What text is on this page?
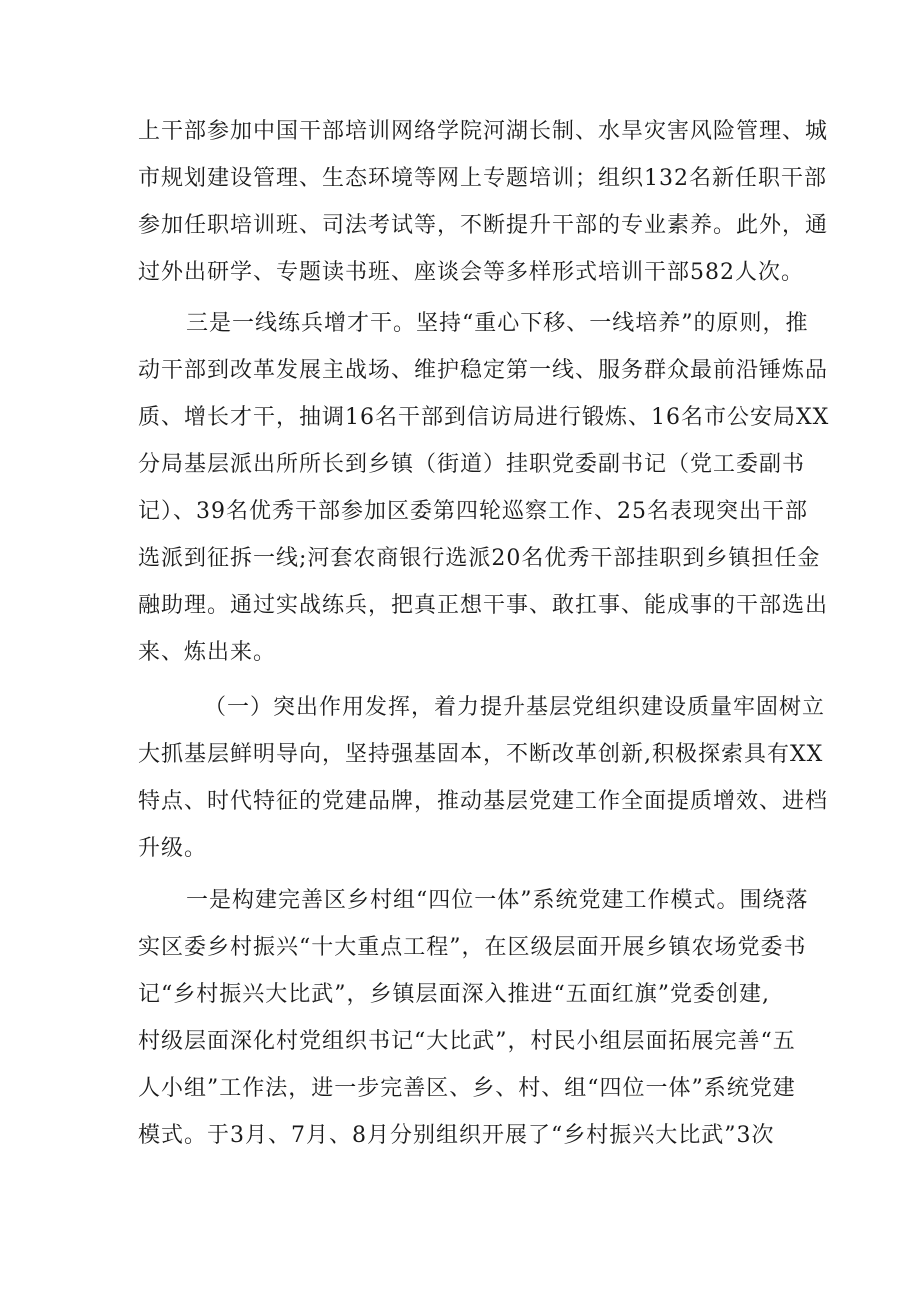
上干部参加中国干部培训网络学院河湖长制、水旱灾害风险管理、城
市规划建设管理、生态环境等网上专题培训；组织132名新任职干部
参加任职培训班、司法考试等，不断提升干部的专业素养。此外，通
过外出研学、专题读书班、座谈会等多样形式培训干部582人次。
三是一线练兵增才干。坚持“重心下移、一线培养”的原则，推
动干部到改革发展主战场、维护稳定第一线、服务群众最前沿锤炼品
质、增长才干，抽调16名干部到信访局进行锻炼、16名市公安局XX
分局基层派出所所长到乡镇（街道）挂职党委副书记（党工委副书
记）、39名优秀干部参加区委第四轮巡察工作、25名表现突出干部
选派到征拆一线;河套农商银行选派20名优秀干部挂职到乡镇担任金
融助理。通过实战练兵，把真正想干事、敢扛事、能成事的干部选出
来、炼出来。
（一）突出作用发挥，着力提升基层党组织建设质量牢固树立
大抓基层鲜明导向，坚持强基固本，不断改革创新,积极探索具有XX
特点、时代特征的党建品牌，推动基层党建工作全面提质增效、进档
升级。
一是构建完善区乡村组“四位一体”系统党建工作模式。围绕落
实区委乡村振兴“十大重点工程”，在区级层面开展乡镇农场党委书
记“乡村振兴大比武”，乡镇层面深入推进“五面红旗”党委创建,
村级层面深化村党组织书记“大比武”，村民小组层面拓展完善“五
人小组”工作法，进一步完善区、乡、村、组“四位一体”系统党建
模式。于3月、7月、8月分别组织开展了“乡村振兴大比武”3次
